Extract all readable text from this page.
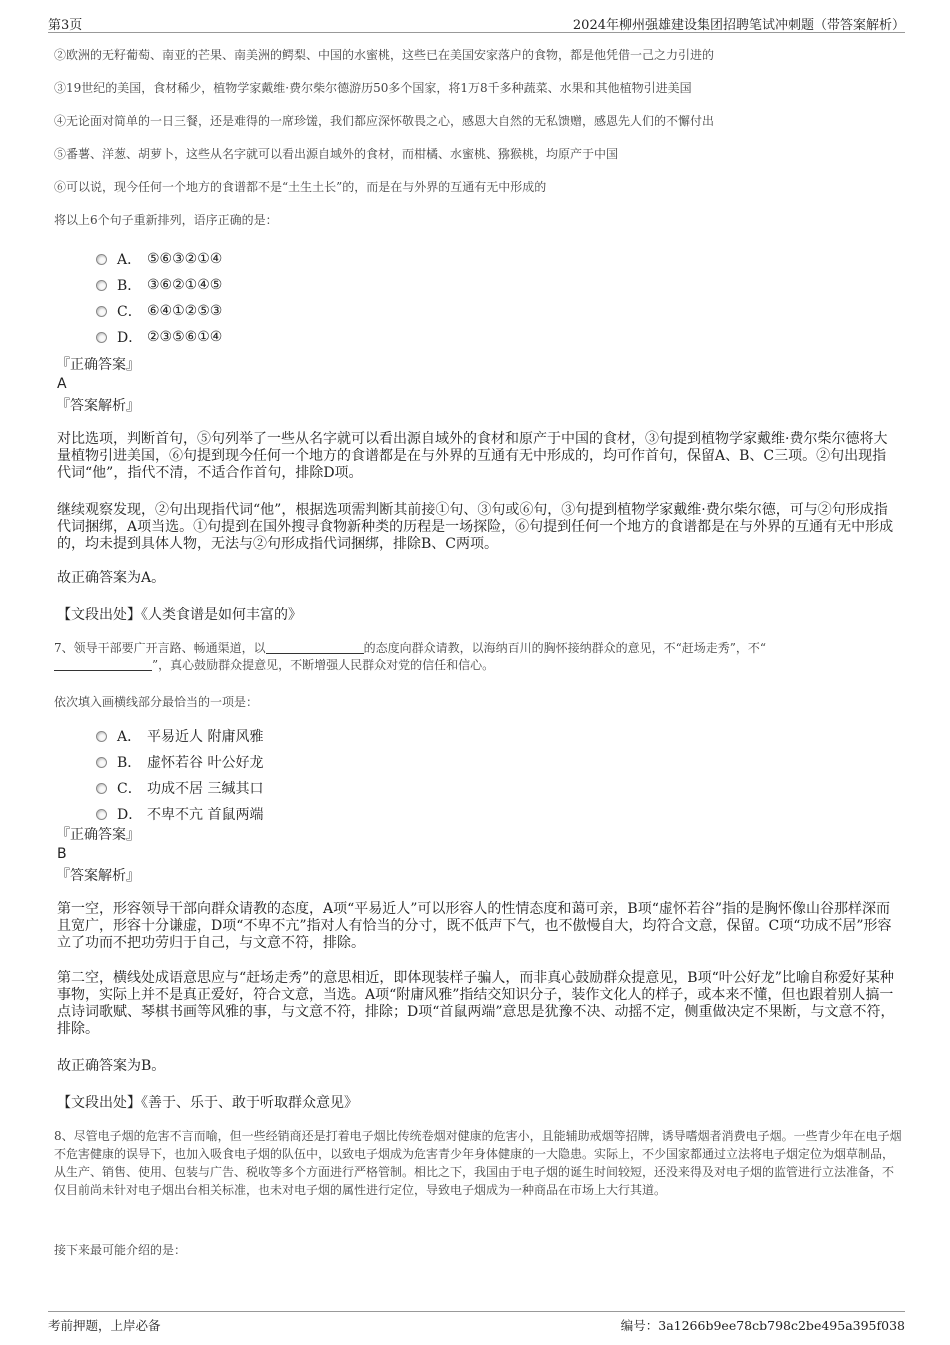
第3页	2024年柳州强雄建设集团招聘笔试冲刺题（带答案解析）

②欧洲的无籽葡萄、南亚的芒果、南美洲的鳄梨、中国的水蜜桃，这些已在美国安家落户的食物，都是他凭借一己之力引进的

③19世纪的美国，食材稀少，植物学家戴维·费尔柴尔德游历50多个国家，将1万8千多种蔬菜、水果和其他植物引进美国

④无论面对简单的一日三餐，还是难得的一席珍馐，我们都应深怀敬畏之心，感恩大自然的无私馈赠，感恩先人们的不懈付出

⑤番薯、洋葱、胡萝卜，这些从名字就可以看出源自域外的食材，而柑橘、水蜜桃、猕猴桃，均原产于中国

⑥可以说，现今任何一个地方的食谱都不是“土生土长”的，而是在与外界的互通有无中形成的

将以上6个句子重新排列，语序正确的是：

A． ⑤⑥③②①④
B． ③⑥②①④⑤
C． ⑥④①②⑤③
D． ②③⑤⑥①④
『正确答案』
A
『答案解析』

对比选项，判断首句，⑤句列举了一些从名字就可以看出源自域外的食材和原产于中国的食材，③句提到植物学家戴维·费尔柴尔德将大量植物引进美国，⑥句提到现今任何一个地方的食谱都是在与外界的互通有无中形成的，均可作首句，保留A、B、C三项。②句出现指代词“他”，指代不清，不适合作首句，排除D项。

继续观察发现，②句出现指代词“他”，根据选项需判断其前接①句、③句或⑥句，③句提到植物学家戴维·费尔柴尔德，可与②句形成指代词捆绑，A项当选。①句提到在国外搜寻食物新种类的历程是一场探险，⑥句提到任何一个地方的食谱都是在与外界的互通有无中形成的，均未提到具体人物，无法与②句形成指代词捆绑，排除B、C两项。

故正确答案为A。

【文段出处】《人类食谱是如何丰富的》

7、领导干部要广开言路、畅通渠道，以	的态度向群众请教，以海纳百川的胸怀接纳群众的意见，不“赶场走秀”，不“
”，真心鼓励群众提意见，不断增强人民群众对党的信任和信心。

依次填入画横线部分最恰当的一项是：

A． 平易近人 附庸风雅
B． 虚怀若谷 叶公好龙
C． 功成不居 三缄其口
D． 不卑不亢 首鼠两端
『正确答案』
B
『答案解析』

第一空，形容领导干部向群众请教的态度，A项“平易近人”可以形容人的性情态度和蔼可亲，B项“虚怀若谷”指的是胸怀像山谷那样深而且宽广，形容十分谦虚，D项“不卑不亢”指对人有恰当的分寸，既不低声下气，也不傲慢自大，均符合文意，保留。C项“功成不居”形容立了功而不把功劳归于自己，与文意不符，排除。

第二空，横线处成语意思应与“赶场走秀”的意思相近，即体现装样子骗人，而非真心鼓励群众提意见，B项“叶公好龙”比喻自称爱好某种事物，实际上并不是真正爱好，符合文意，当选。A项“附庸风雅”指结交知识分子，装作文化人的样子，或本来不懂，但也跟着别人搞一点诗词歌赋、琴棋书画等风雅的事，与文意不符，排除；D项“首鼠两端”意思是犹豫不决、动摇不定，侧重做决定不果断，与文意不符，排除。

故正确答案为B。

【文段出处】《善于、乐于、敢于听取群众意见》

8、尽管电子烟的危害不言而喻，但一些经销商还是打着电子烟比传统卷烟对健康的危害小，且能辅助戒烟等招牌，诱导嗜烟者消费电子烟。一些青少年在电子烟不危害健康的误导下，也加入吸食电子烟的队伍中，以致电子烟成为危害青少年身体健康的一大隐患。实际上，不少国家都通过立法将电子烟定位为烟草制品，从生产、销售、使用、包装与广告、税收等多个方面进行严格管制。相比之下，我国由于电子烟的诞生时间较短，还没来得及对电子烟的监管进行立法准备，不仅目前尚未针对电子烟出台相关标准，也未对电子烟的属性进行定位，导致电子烟成为一种商品在市场上大行其道。

接下来最可能介绍的是：

考前押题，上岸必备	编号：3a1266b9ee78cb798c2be495a395f038
